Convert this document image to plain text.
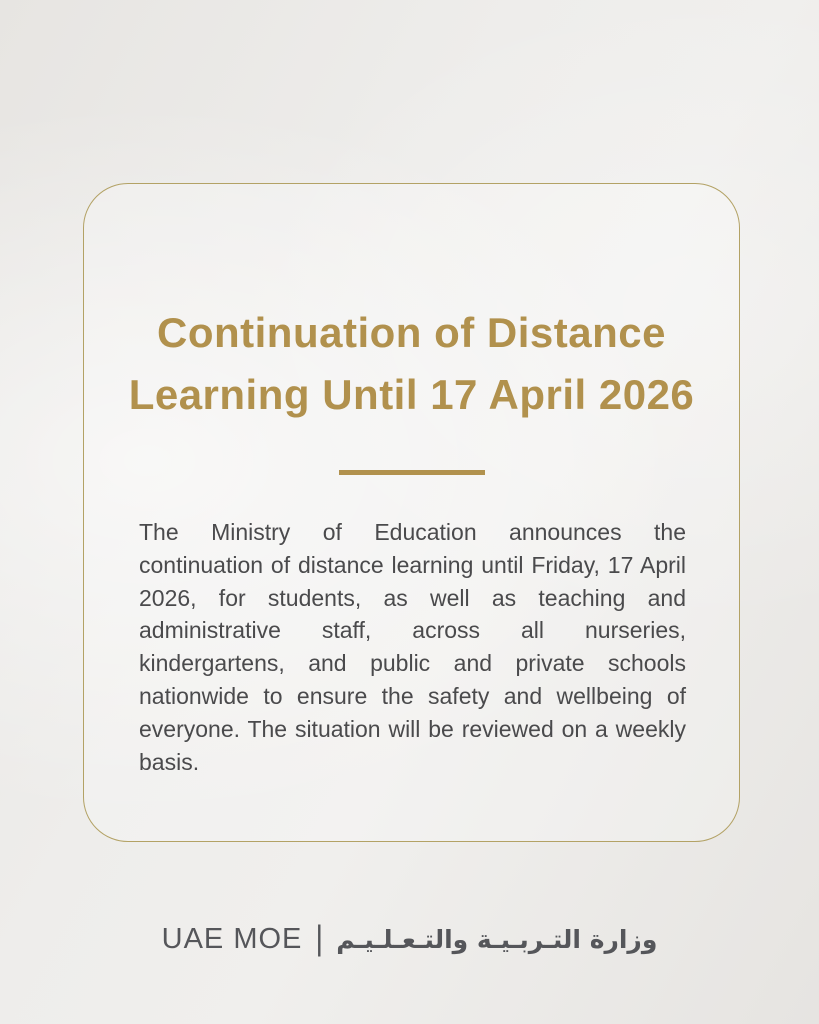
Continuation of Distance
Learning Until 17 April 2026

The Ministry of Education announces the continuation of distance learning until Friday, 17 April 2026, for students, as well as teaching and administrative staff, across all nurseries, kindergartens, and public and private schools nationwide to ensure the safety and wellbeing of everyone. The situation will be reviewed on a weekly basis.

UAE MOE | وزارة التـربـيـة والتـعـلـيـم
